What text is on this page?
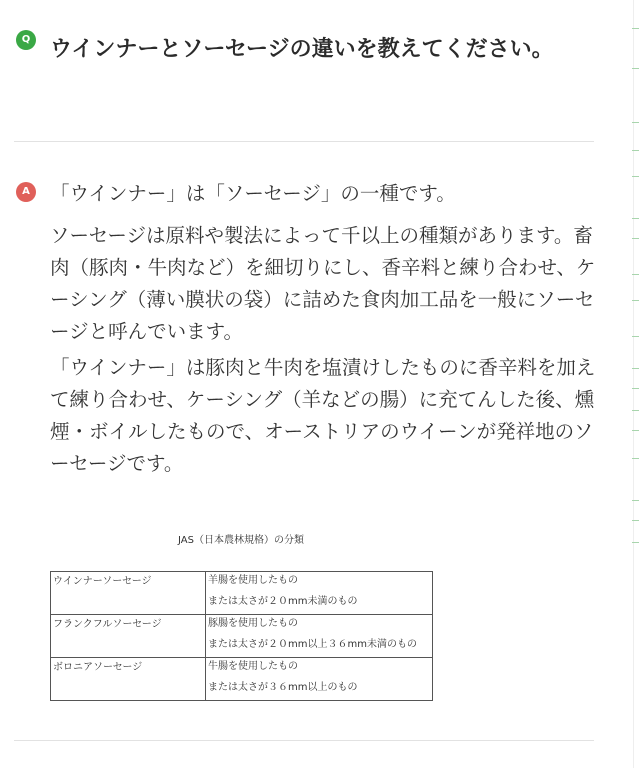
Q ウインナーとソーセージの違いを教えてください。
A	「ウインナー」は「ソーセージ」の一種です。

ソーセージは原料や製法によって千以上の種類があります。畜肉（豚肉・牛肉など）を細切りにし、香辛料と練り合わせ、ケーシング（薄い膜状の袋）に詰めた食肉加工品を一般にソーセージと呼んでいます。

「ウインナー」は豚肉と牛肉を塩漬けしたものに香辛料を加えて練り合わせ、ケーシング（羊などの腸）に充てんした後、燻煙・ボイルしたもので、オーストリアのウイーンが発祥地のソーセージです。

JAS（日本農林規格）の分類
ウインナーソーセージ	羊腸を使用したもの
または太さが２０mm未満のもの

フランクフルソーセージ	豚腸を使用したもの
または太さが２０mm以上３６mm未満のもの

ボロニアソーセージ	牛腸を使用したもの
または太さが３６mm以上のもの
